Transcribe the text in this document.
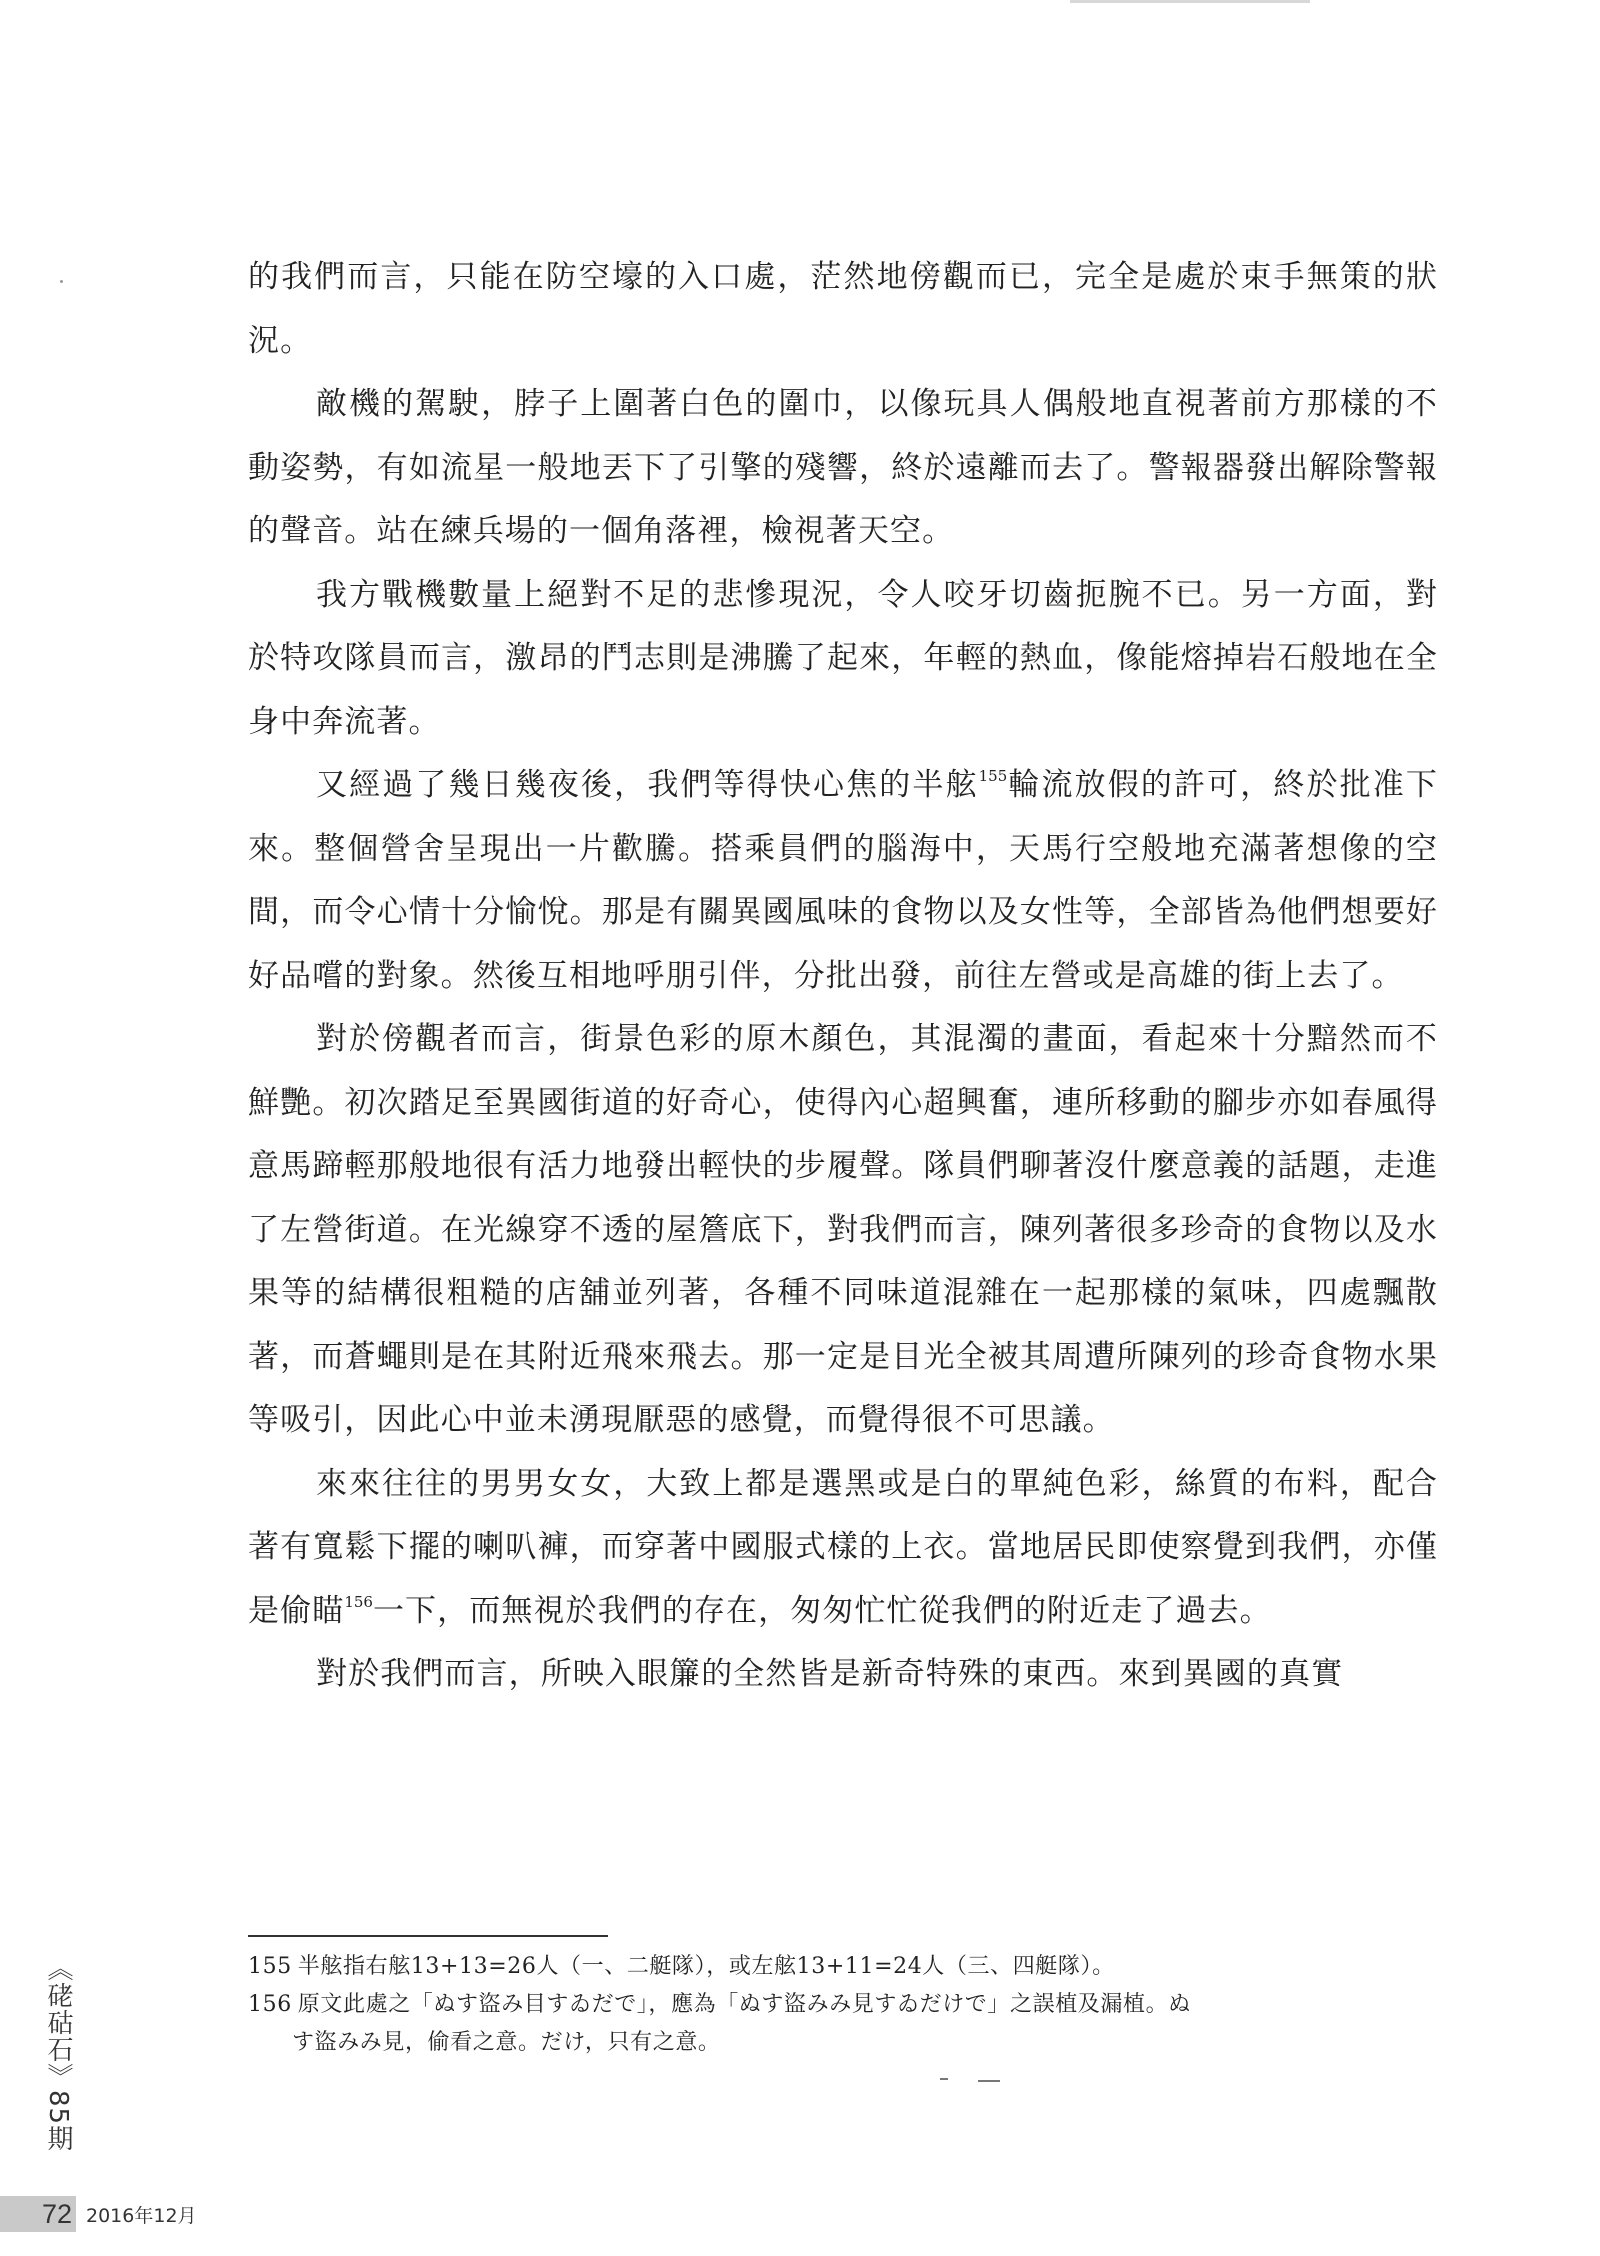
的我們而言，只能在防空壕的入口處，茫然地傍觀而已，完全是處於束手無策的狀況。

敵機的駕駛，脖子上圍著白色的圍巾，以像玩具人偶般地直視著前方那樣的不動姿勢，有如流星一般地丟下了引擎的殘響，終於遠離而去了。警報器發出解除警報的聲音。站在練兵場的一個角落裡，檢視著天空。

我方戰機數量上絕對不足的悲慘現況，令人咬牙切齒扼腕不已。另一方面，對於特攻隊員而言，激昂的鬥志則是沸騰了起來，年輕的熱血，像能熔掉岩石般地在全身中奔流著。

又經過了幾日幾夜後，我們等得快心焦的半舷$^{155}$輪流放假的許可，終於批准下來。整個營舍呈現出一片歡騰。搭乘員們的腦海中，天馬行空般地充滿著想像的空間，而令心情十分愉悅。那是有關異國風味的食物以及女性等，全部皆為他們想要好好品嚐的對象。然後互相地呼朋引伴，分批出發，前往左營或是高雄的街上去了。

對於傍觀者而言，街景色彩的原木顏色，其混濁的畫面，看起來十分黯然而不鮮艷。初次踏足至異國街道的好奇心，使得內心超興奮，連所移動的腳步亦如春風得意馬蹄輕那般地很有活力地發出輕快的步履聲。隊員們聊著沒什麼意義的話題，走進了左營街道。在光線穿不透的屋簷底下，對我們而言，陳列著很多珍奇的食物以及水果等的結構很粗糙的店舖並列著，各種不同味道混雜在一起那樣的氣味，四處飄散著，而蒼蠅則是在其附近飛來飛去。那一定是目光全被其周遭所陳列的珍奇食物水果等吸引，因此心中並未湧現厭惡的感覺，而覺得很不可思議。

來來往往的男男女女，大致上都是選黑或是白的單純色彩，絲質的布料，配合著有寬鬆下擺的喇叭褲，而穿著中國服式樣的上衣。當地居民即使察覺到我們，亦僅是偷瞄$^{156}$一下，而無視於我們的存在，匆匆忙忙從我們的附近走了過去。

對於我們而言，所映入眼簾的全然皆是新奇特殊的東西。來到異國的真實

155 半舷指右舷13+13=26人（一、二艇隊），或左舷13+11=24人（三、四艇隊）。

156 原文此處之「ぬす盜み目すゐだで」，應為「ぬす盜みみ見すゐだけで」之誤植及漏植。ぬ
す盜みみ見，偷看之意。だけ，只有之意。

《硓𥑮石》85期
72 2016年12月
